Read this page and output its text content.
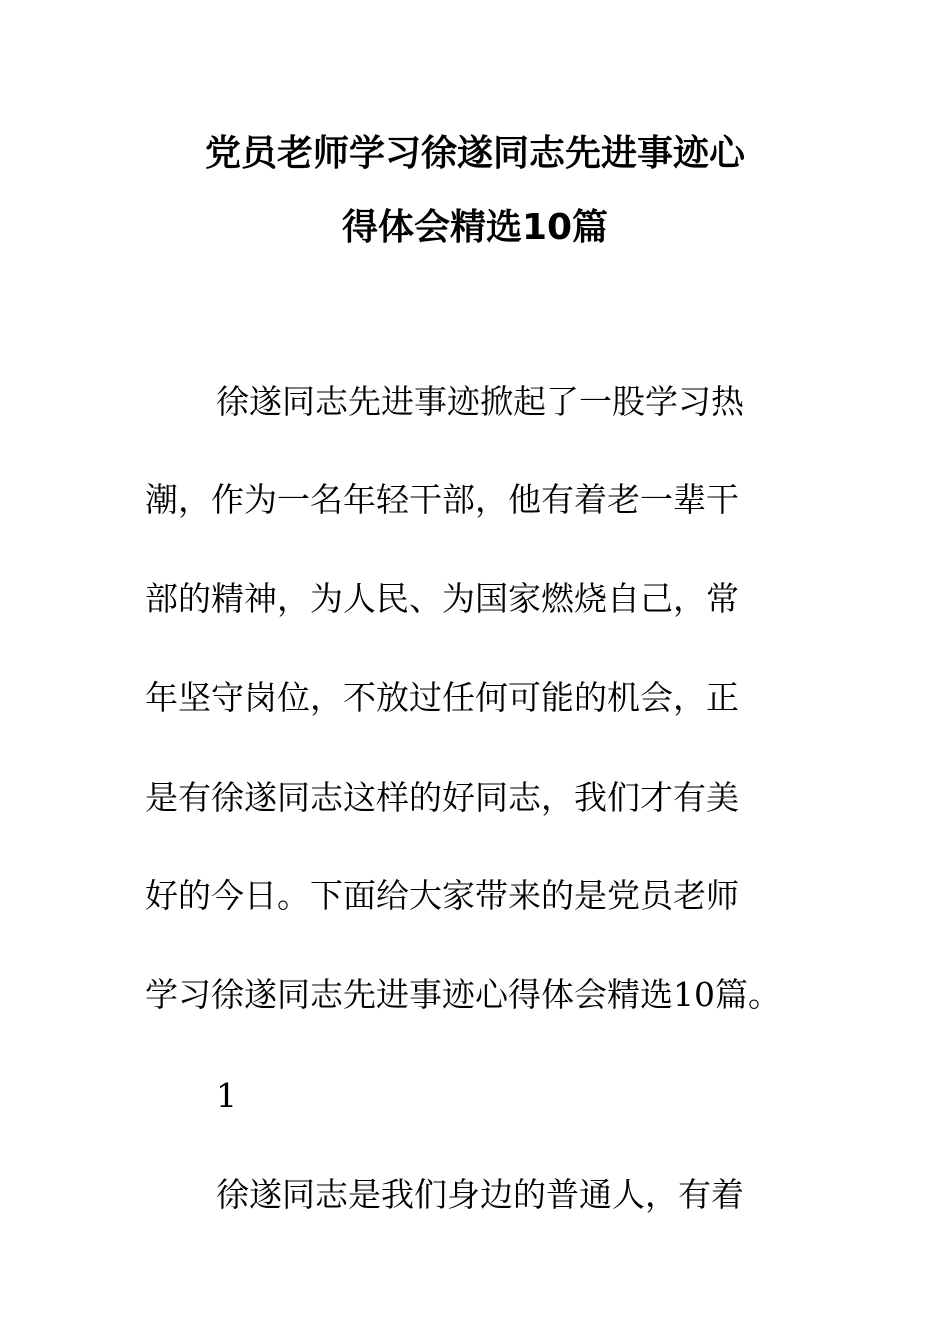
党员老师学习徐遂同志先进事迹心
得体会精选10篇
徐遂同志先进事迹掀起了一股学习热
潮，作为一名年轻干部，他有着老一辈干
部的精神，为人民、为国家燃烧自己，常
年坚守岗位，不放过任何可能的机会，正
是有徐遂同志这样的好同志，我们才有美
好的今日。下面给大家带来的是党员老师
学习徐遂同志先进事迹心得体会精选10篇。
1
徐遂同志是我们身边的普通人，有着
